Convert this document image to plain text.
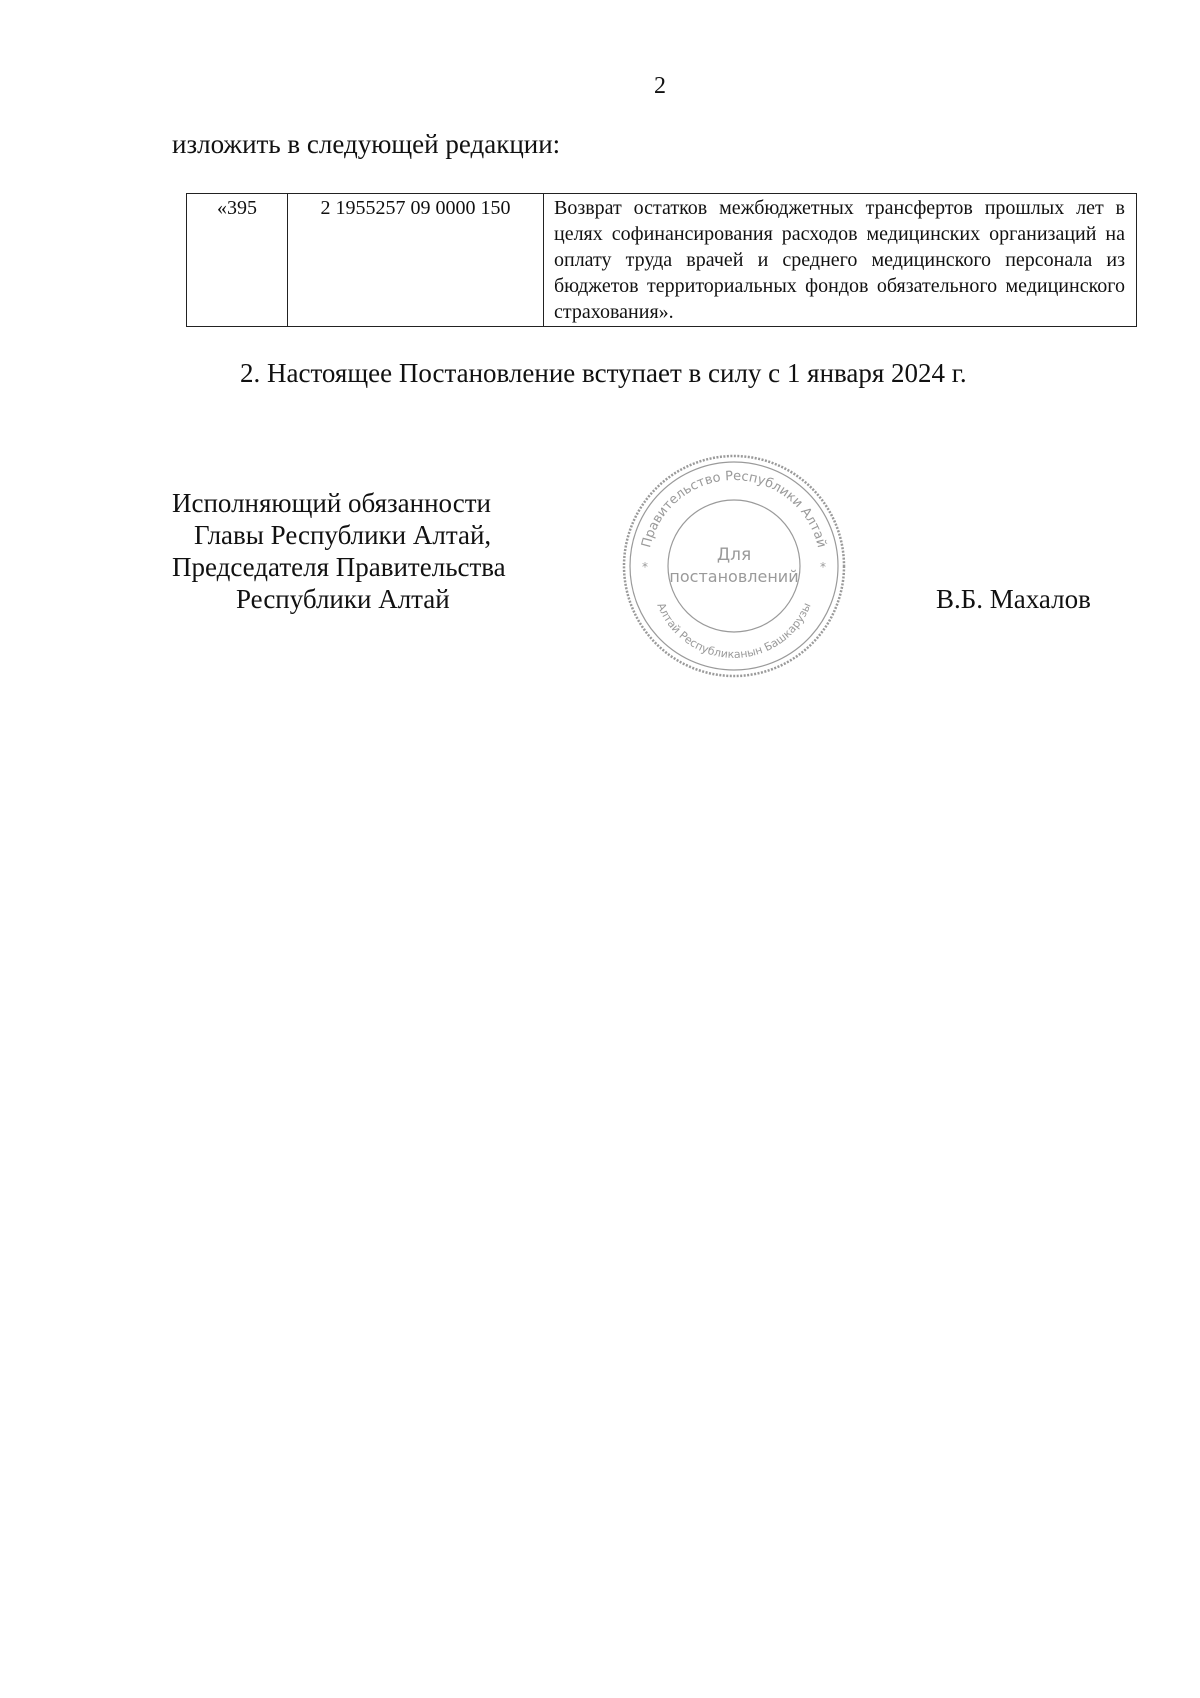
2
изложить в следующей редакции:
«395	2 1955257 09 0000 150	Возврат остатков межбюджетных трансфертов прошлых лет в целях софинансирования расходов медицинских организаций на оплату труда врачей и среднего медицинского персонала из бюджетов территориальных фондов обязательного медицинского страхования».
2. Настоящее Постановление вступает в силу с 1 января 2024 г.
Исполняющий обязанности
Главы Республики Алтай,
Председателя Правительства
Республики Алтай
Правительство Республики Алтай
Алтай Республиканын Башкарузы
*	*
Для
постановлений
В.Б. Махалов
